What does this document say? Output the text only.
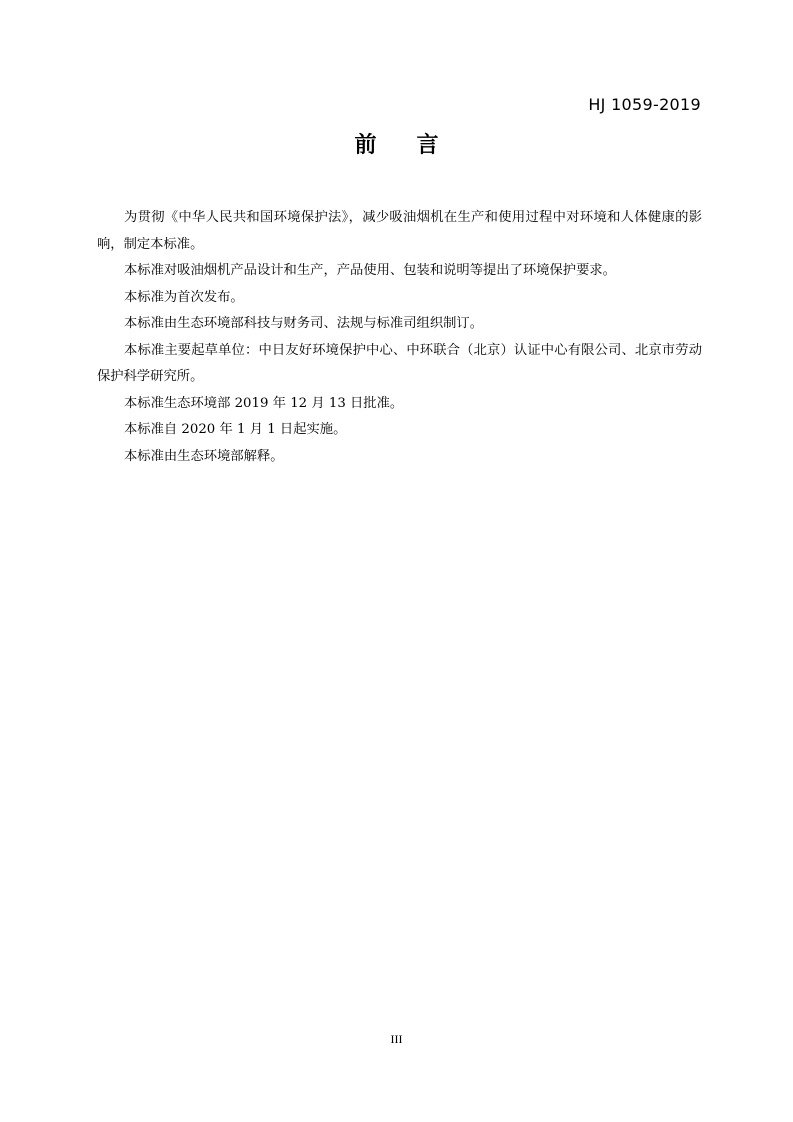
HJ 1059-2019
前 言

为贯彻《中华人民共和国环境保护法》，减少吸油烟机在生产和使用过程中对环境和人体健康的影响，制定本标准。

本标准对吸油烟机产品设计和生产，产品使用、包装和说明等提出了环境保护要求。

本标准为首次发布。

本标准由生态环境部科技与财务司、法规与标准司组织制订。

本标准主要起草单位：中日友好环境保护中心、中环联合（北京）认证中心有限公司、北京市劳动保护科学研究所。

本标准生态环境部 2019 年 12 月 13 日批准。

本标准自 2020 年 1 月 1 日起实施。

本标准由生态环境部解释。

III
